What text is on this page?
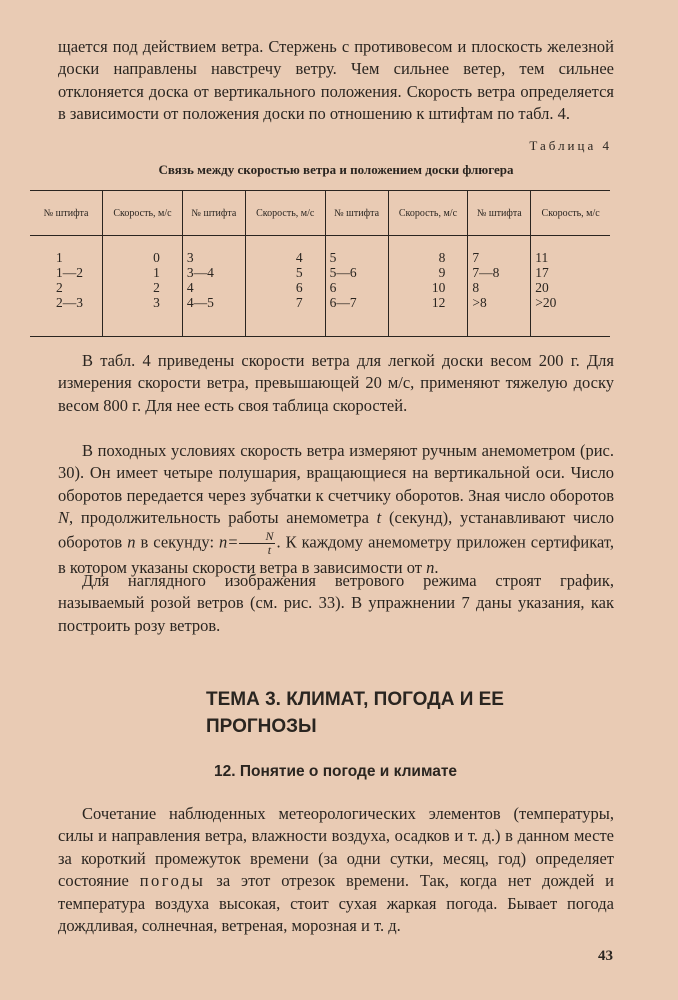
щается под действием ветра. Стержень с противовесом и плоскость железной доски направлены навстречу ветру. Чем сильнее ветер, тем сильнее отклоняется доска от вертикального положения. Скорость ветра определяется в зависимости от положения доски по отношению к штифтам по табл. 4.

Таблица 4
Связь между скоростью ветра и положением доски флюгера
№ штифта	Скорость, м/с	№ штифта	Скорость, м/с	№ штифта	Скорость, м/с	№ штифта	Скорость, м/с
1	0	3	4	5	8	7	11
1—2	1	3—4	5	5—6	9	7—8	17
2	2	4	6	6	10	8	20
2—3	3	4—5	7	6—7	12	>8	>20

В табл. 4 приведены скорости ветра для легкой доски весом 200 г. Для измерения скорости ветра, превышающей 20 м/с, применяют тяжелую доску весом 800 г. Для нее есть своя таблица скоростей.

В походных условиях скорость ветра измеряют ручным анемометром (рис. 30). Он имеет четыре полушария, вращающиеся на вертикальной оси. Число оборотов передается через зубчатки к счетчику оборотов. Зная число оборотов N, продолжительность работы анемометра t (секунд), устанавливают число оборотов n в секунду: $n= \frac{N}{t}$ . К каждому анемометру приложен сертификат, в котором указаны скорости ветра в зависимости от n.

Для наглядного изображения ветрового режима строят график, называемый розой ветров (см. рис. 33). В упражнении 7 даны указания, как построить розу ветров.

ТЕМА 3. КЛИМАТ, ПОГОДА И ЕЕ ПРОГНОЗЫ
12. Понятие о погоде и климате

Сочетание наблюденных метеорологических элементов (температуры, силы и направления ветра, влажности воздуха, осадков и т. д.) в данном месте за короткий промежуток времени (за одни сутки, месяц, год) определяет состояние погоды за этот отрезок времени. Так, когда нет дождей и температура воздуха высокая, стоит сухая жаркая погода. Бывает погода дождливая, солнечная, ветреная, морозная и т. д.

43
